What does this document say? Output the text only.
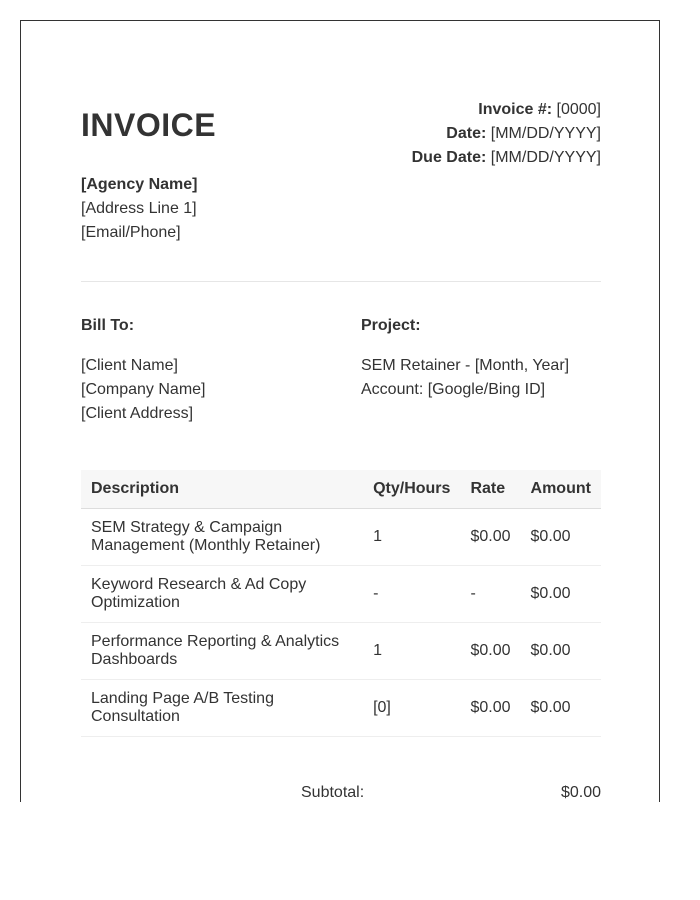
INVOICE	Invoice #: [0000]
Date: [MM/DD/YYYY]
Due Date: [MM/DD/YYYY]
[Agency Name]
[Address Line 1]
[Email/Phone]
Bill To:
[Client Name]
[Company Name]
[Client Address]
Project:
SEM Retainer - [Month, Year]
Account: [Google/Bing ID]
Description	Qty/Hours	Rate	Amount
SEM Strategy & Campaign Management (Monthly Retainer)	1	$0.00	$0.00
Keyword Research & Ad Copy Optimization	-	-	$0.00
Performance Reporting & Analytics Dashboards	1	$0.00	$0.00
Landing Page A/B Testing Consultation	[0]	$0.00	$0.00
Subtotal:	$0.00
